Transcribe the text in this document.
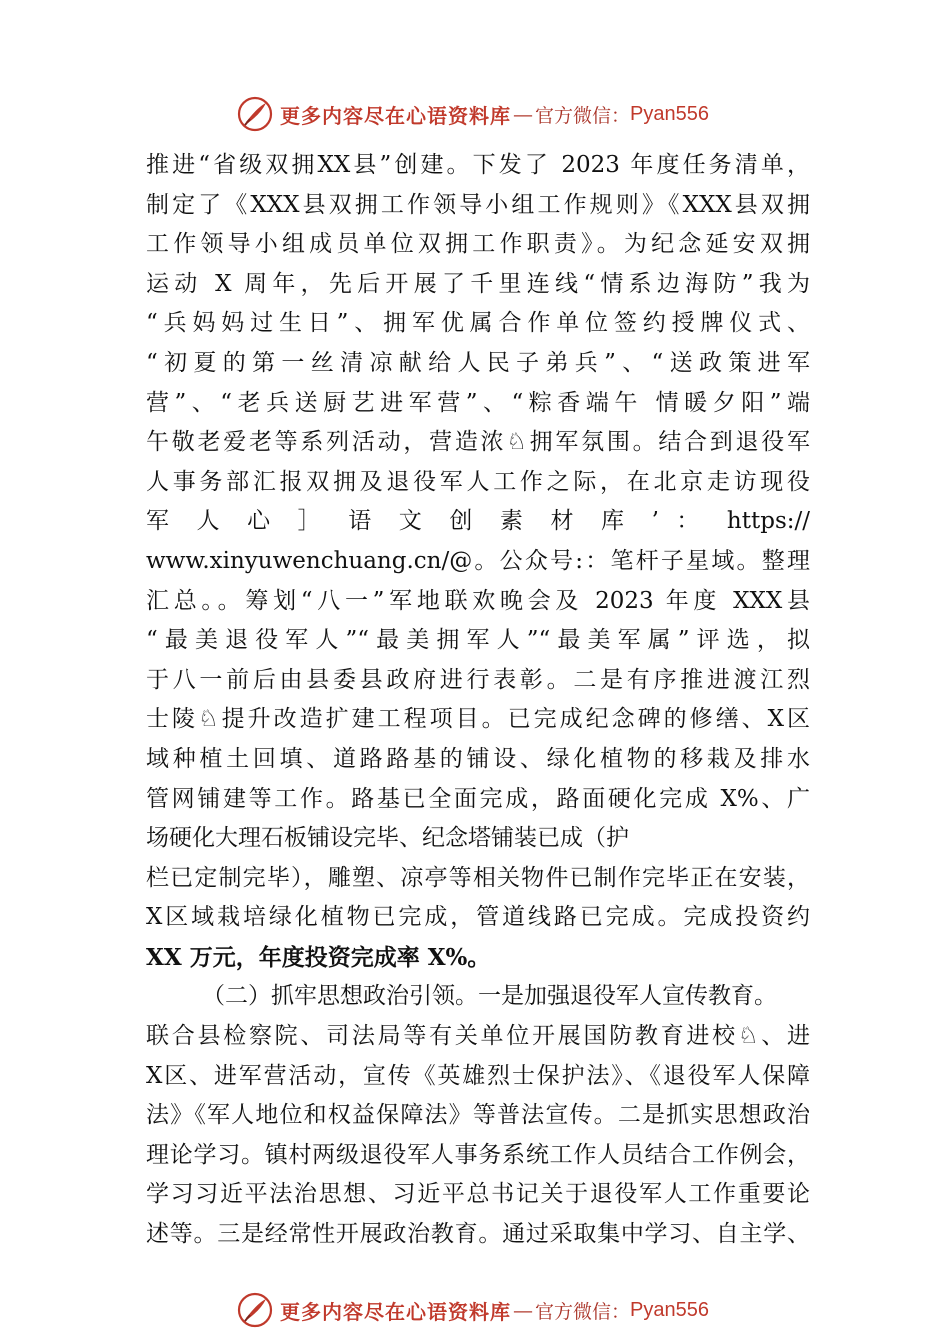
更多内容尽在心语资料库 — 官方微信： Pyan556
推进“省级双拥XX县”创建。下发了 2023 年度任务清单，
制定了《XXX县双拥工作领导小组工作规则》《XXX县双拥
工作领导小组成员单位双拥工作职责》。为纪念延安双拥
运动 X 周年，先后开展了千里连线“情系边海防”我为
“兵妈妈过生日”、拥军优属合作单位签约授牌仪式、
“初夏的第一丝清凉献给人民子弟兵”、“送政策进军
营”、“老兵送厨艺进军营”、“粽香端午 情暖夕阳”端
午敬老爱老等系列活动，营造浓♘拥军氛围。结合到退役军
人事务部汇报双拥及退役军人工作之际，在北京走访现役
军 人 心 ］ 语 文 创 素 材 库 ’ ： https://
www.xinyuwenchuang.cn/@。公众号:：笔杆子星域。整理
汇总。。筹划“八一”军地联欢晚会及 2023 年度 XXX县
“最美退役军人”“最美拥军人”“最美军属”评选，拟
于八一前后由县委县政府进行表彰。二是有序推进渡江烈
士陵♘提升改造扩建工程项目。已完成纪念碑的修缮、X区
域种植土回填、道路路基的铺设、绿化植物的移栽及排水
管网铺建等工作。路基已全面完成，路面硬化完成 X%、广
场硬化大理石板铺设完毕、纪念塔铺装已成（护
栏已定制完毕），雕塑、凉亭等相关物件已制作完毕正在安装，
X区域栽培绿化植物已完成，管道线路已完成。完成投资约
XX 万元，年度投资完成率 X%。
（二）抓牢思想政治引领。一是加强退役军人宣传教育。
联合县检察院、司法局等有关单位开展国防教育进校♘、进
X区、进军营活动，宣传《英雄烈士保护法》、《退役军人保障
法》《军人地位和权益保障法》等普法宣传。二是抓实思想政治
理论学习。镇村两级退役军人事务系统工作人员结合工作例会，
学习习近平法治思想、习近平总书记关于退役军人工作重要论
述等。三是经常性开展政治教育。通过采取集中学习、自主学、
更多内容尽在心语资料库 — 官方微信： Pyan556
